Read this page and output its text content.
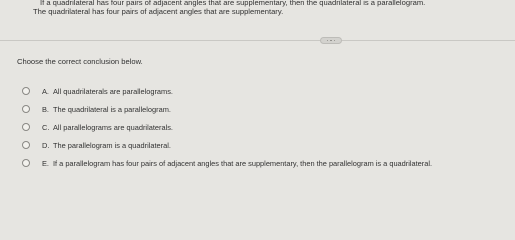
If a quadrilateral has four pairs of adjacent angles that are supplementary, then the quadrilateral is a parallelogram.
The quadrilateral has four pairs of adjacent angles that are supplementary.
Choose the correct conclusion below.
A. All quadrilaterals are parallelograms.
B. The quadrilateral is a parallelogram.
C. All parallelograms are quadrilaterals.
D. The parallelogram is a quadrilateral.
E. If a parallelogram has four pairs of adjacent angles that are supplementary, then the parallelogram is a quadrilateral.
